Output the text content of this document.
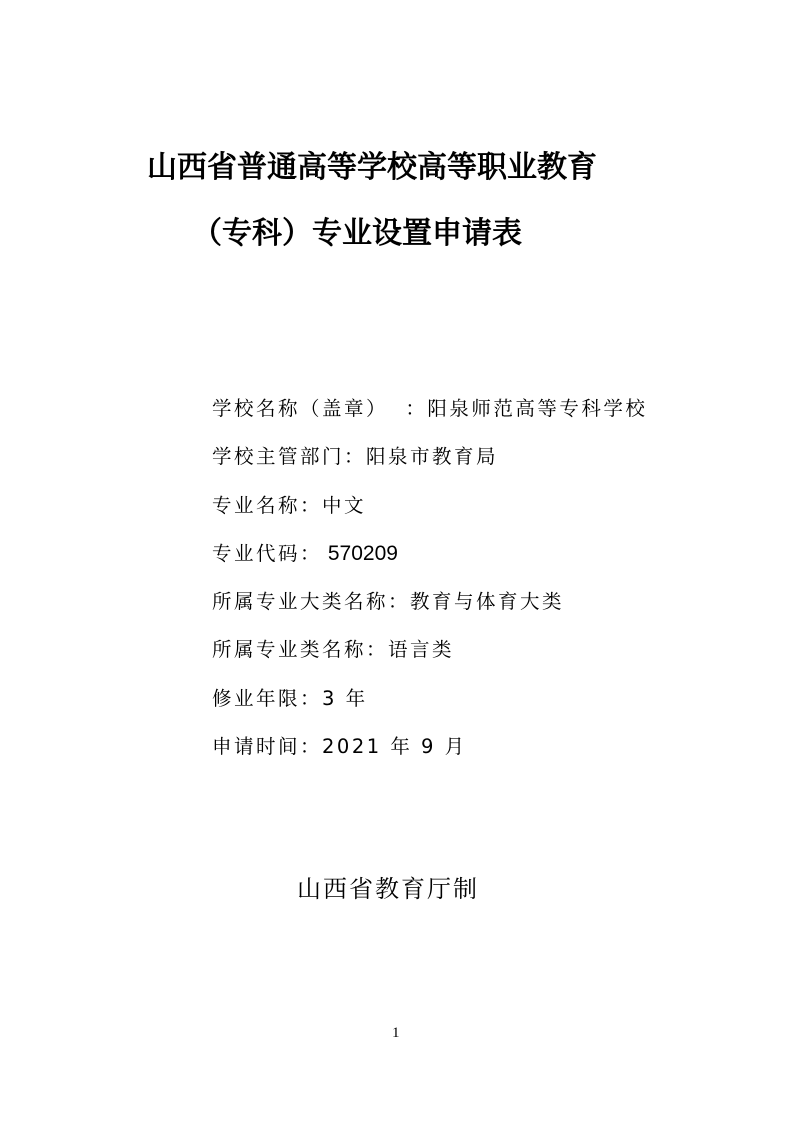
山西省普通高等学校高等职业教育
（专科）专业设置申请表
学校名称（盖章）  ：阳泉师范高等专科学校
学校主管部门：阳泉市教育局
专业名称：中文
专业代码： 570209
所属专业大类名称：教育与体育大类
所属专业类名称：语言类
修业年限：3 年
申请时间：2021 年 9 月
山西省教育厅制
1
